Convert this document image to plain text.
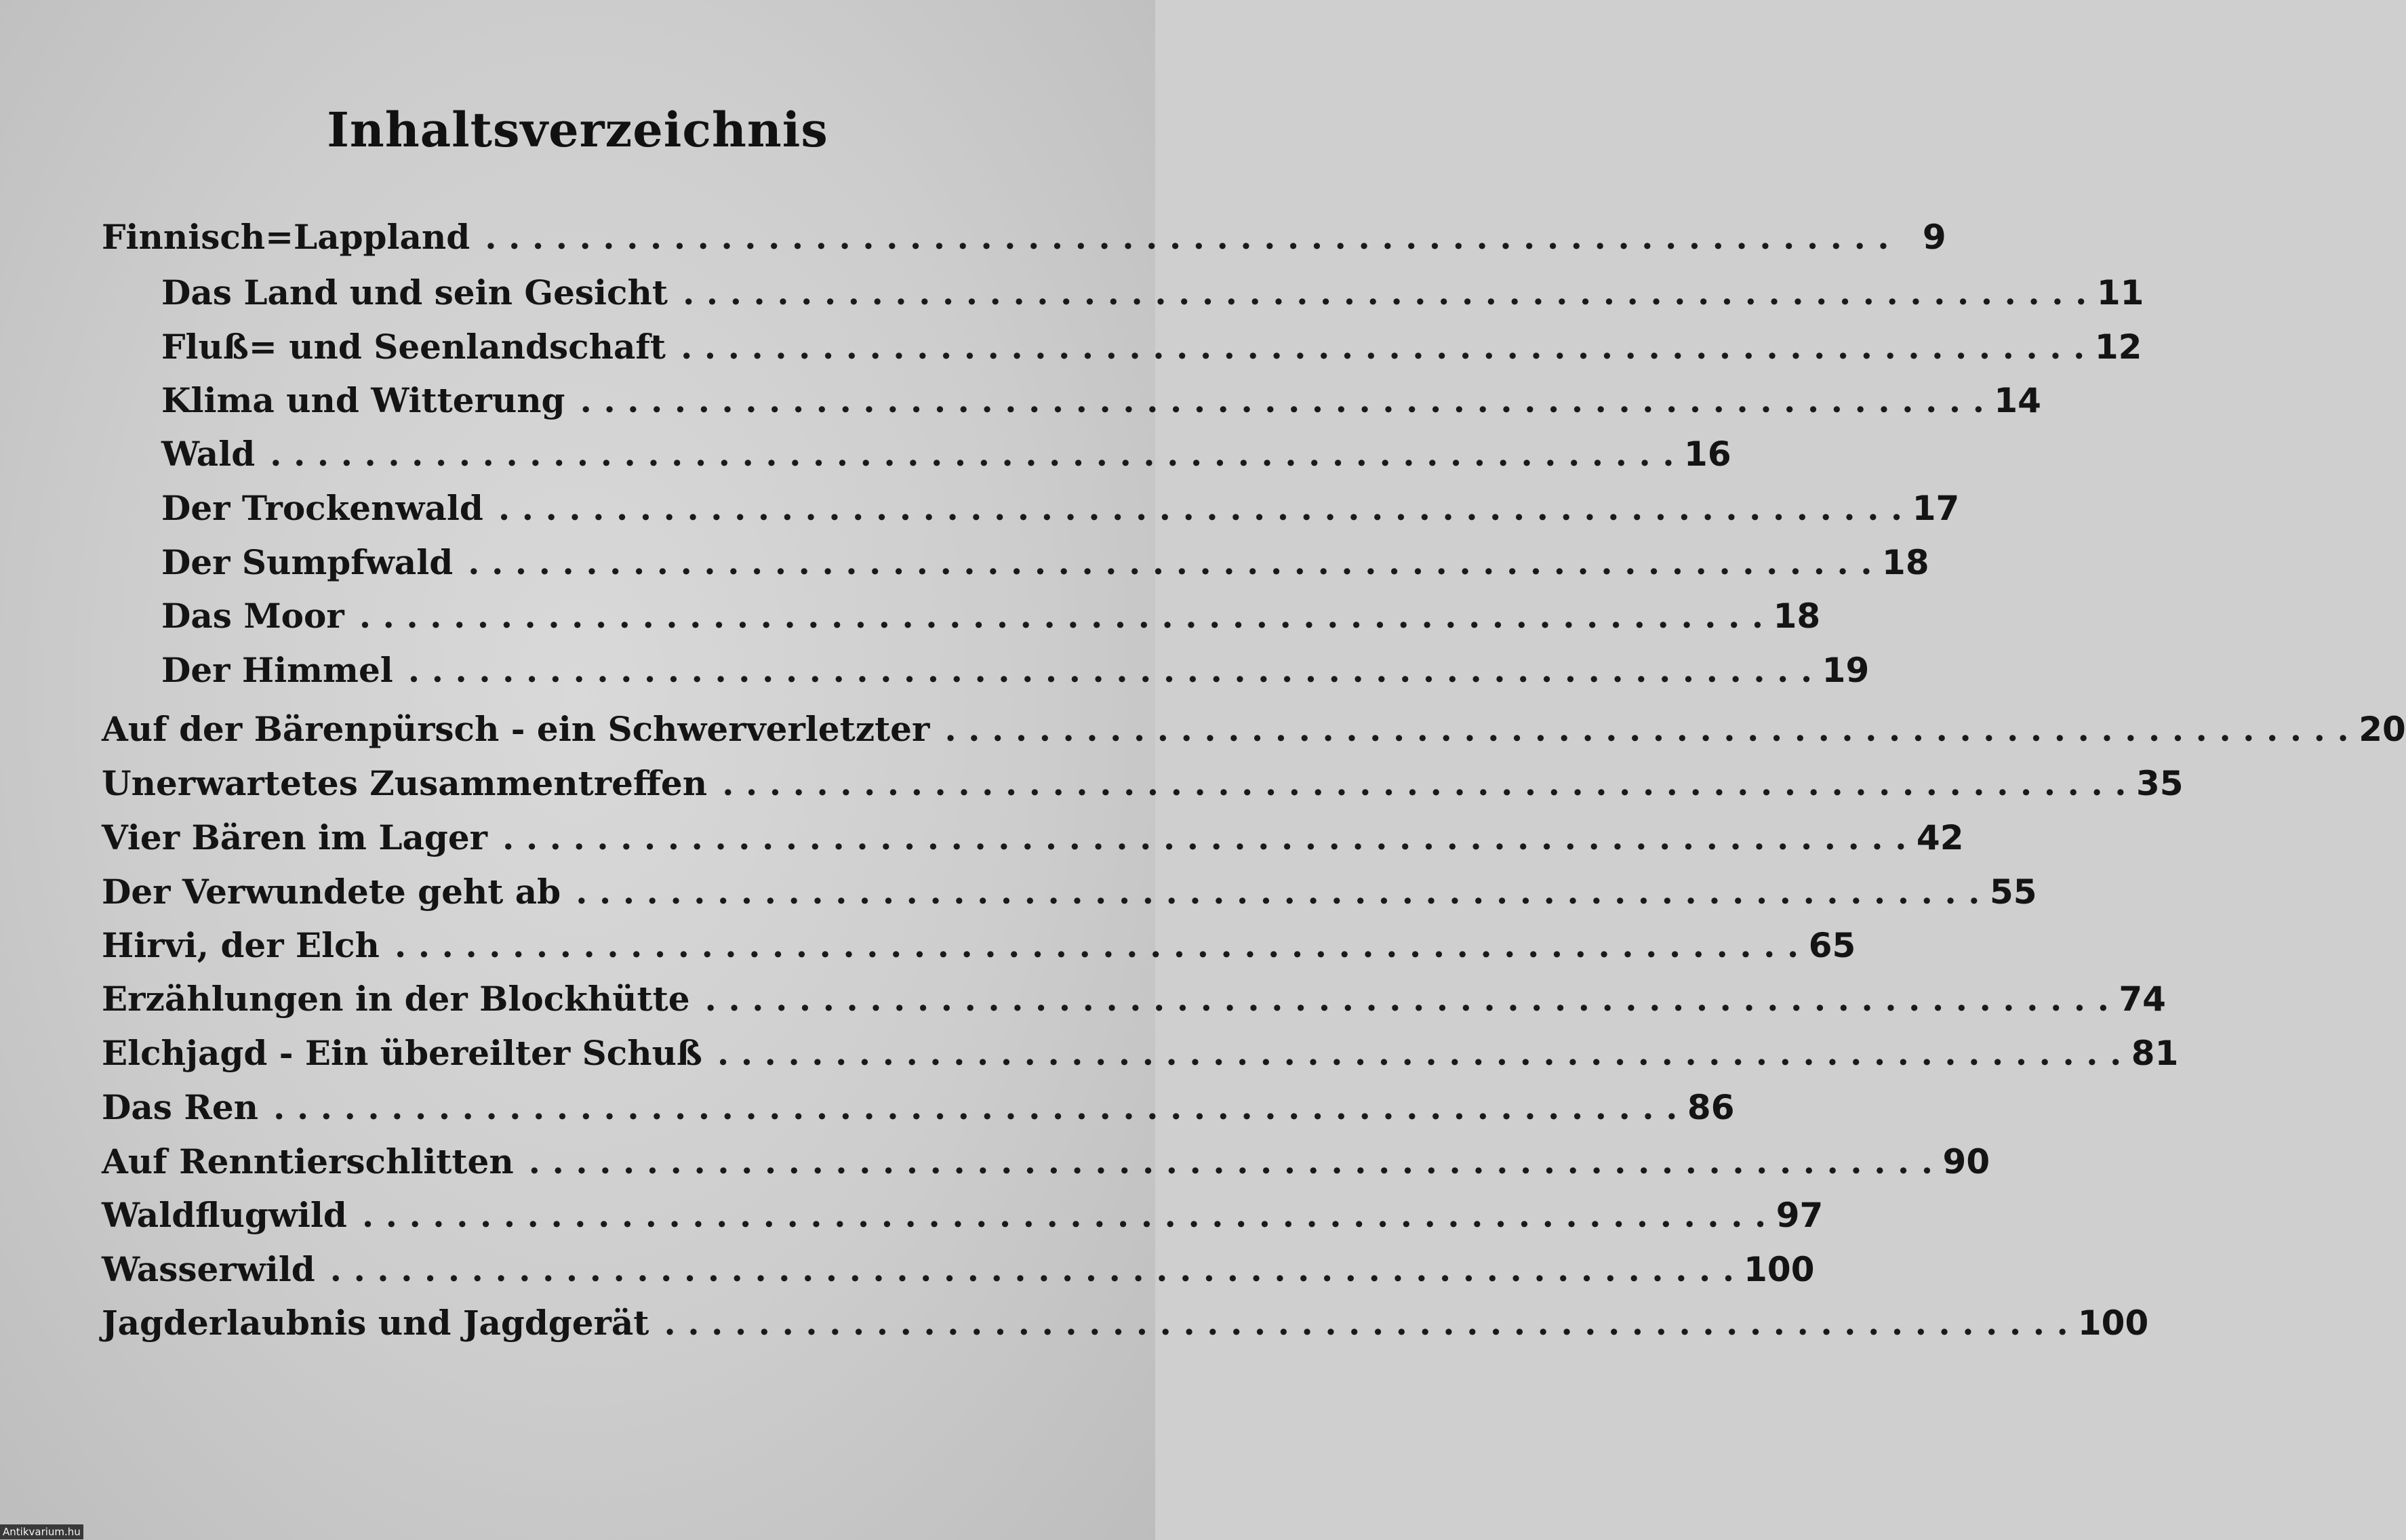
Inhaltsverzeichnis
Finnisch=Lappland . . . . . . . . . . . . . . . . . . . . . . . . . . . . . . . . . . . . . . . . . . . . . . . . . . . . . . . . . . . . 9
Das Land und sein Gesicht . . . . . . . . . . . . . . . . . . . . . . . . . . . . . . . . . . . . . . . . . . . . . . . . . . . . . . . . . . . . 11
Fluß= und Seenlandschaft . . . . . . . . . . . . . . . . . . . . . . . . . . . . . . . . . . . . . . . . . . . . . . . . . . . . . . . . . . . . 12
Klima und Witterung . . . . . . . . . . . . . . . . . . . . . . . . . . . . . . . . . . . . . . . . . . . . . . . . . . . . . . . . . . . . 14
Wald . . . . . . . . . . . . . . . . . . . . . . . . . . . . . . . . . . . . . . . . . . . . . . . . . . . . . . . . . . . . 16
Der Trockenwald . . . . . . . . . . . . . . . . . . . . . . . . . . . . . . . . . . . . . . . . . . . . . . . . . . . . . . . . . . . . 17
Der Sumpfwald . . . . . . . . . . . . . . . . . . . . . . . . . . . . . . . . . . . . . . . . . . . . . . . . . . . . . . . . . . . . 18
Das Moor . . . . . . . . . . . . . . . . . . . . . . . . . . . . . . . . . . . . . . . . . . . . . . . . . . . . . . . . . . . . 18
Der Himmel . . . . . . . . . . . . . . . . . . . . . . . . . . . . . . . . . . . . . . . . . . . . . . . . . . . . . . . . . . . . 19
Auf der Bärenpürsch - ein Schwerverletzter . . . . . . . . . . . . . . . . . . . . . . . . . . . . . . . . . . . . . . . . . . . . . . . . . . . . . . . . . . . . 20
Unerwartetes Zusammentreffen . . . . . . . . . . . . . . . . . . . . . . . . . . . . . . . . . . . . . . . . . . . . . . . . . . . . . . . . . . . . 35
Vier Bären im Lager . . . . . . . . . . . . . . . . . . . . . . . . . . . . . . . . . . . . . . . . . . . . . . . . . . . . . . . . . . . . 42
Der Verwundete geht ab . . . . . . . . . . . . . . . . . . . . . . . . . . . . . . . . . . . . . . . . . . . . . . . . . . . . . . . . . . . . 55
Hirvi, der Elch . . . . . . . . . . . . . . . . . . . . . . . . . . . . . . . . . . . . . . . . . . . . . . . . . . . . . . . . . . . . 65
Erzählungen in der Blockhütte . . . . . . . . . . . . . . . . . . . . . . . . . . . . . . . . . . . . . . . . . . . . . . . . . . . . . . . . . . . . 74
Elchjagd - Ein übereilter Schuß . . . . . . . . . . . . . . . . . . . . . . . . . . . . . . . . . . . . . . . . . . . . . . . . . . . . . . . . . . . . 81
Das Ren . . . . . . . . . . . . . . . . . . . . . . . . . . . . . . . . . . . . . . . . . . . . . . . . . . . . . . . . . . . . 86
Auf Renntierschlitten . . . . . . . . . . . . . . . . . . . . . . . . . . . . . . . . . . . . . . . . . . . . . . . . . . . . . . . . . . . . 90
Waldflugwild . . . . . . . . . . . . . . . . . . . . . . . . . . . . . . . . . . . . . . . . . . . . . . . . . . . . . . . . . . . . 97
Wasserwild . . . . . . . . . . . . . . . . . . . . . . . . . . . . . . . . . . . . . . . . . . . . . . . . . . . . . . . . . . . . 100
Jagderlaubnis und Jagdgerät . . . . . . . . . . . . . . . . . . . . . . . . . . . . . . . . . . . . . . . . . . . . . . . . . . . . . . . . . . . . 100
Antikvarium.hu
